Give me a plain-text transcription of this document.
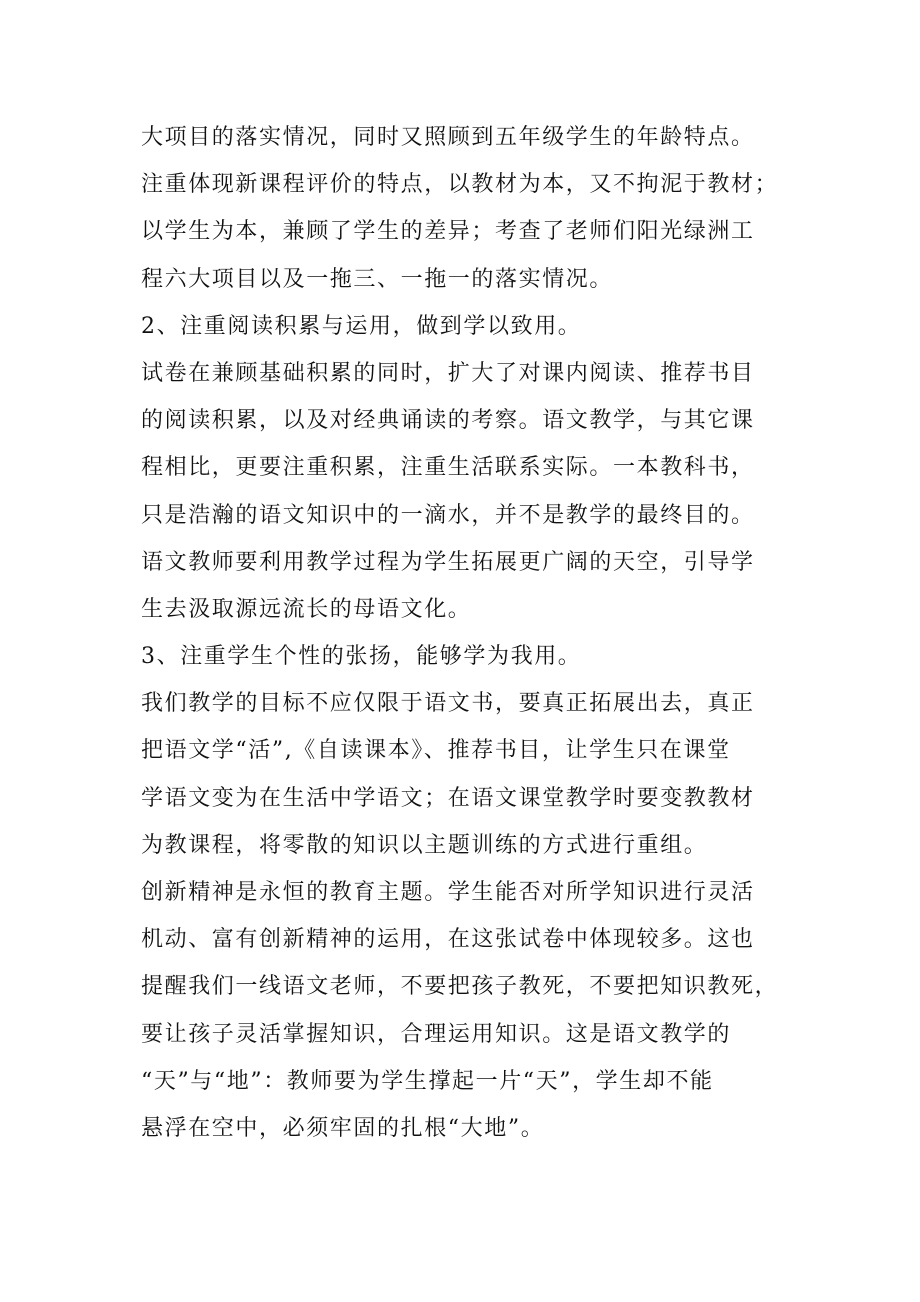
大项目的落实情况，同时又照顾到五年级学生的年龄特点。

注重体现新课程评价的特点，以教材为本，又不拘泥于教材；

以学生为本，兼顾了学生的差异；考查了老师们阳光绿洲工

程六大项目以及一拖三、一拖一的落实情况。

2、注重阅读积累与运用，做到学以致用。

试卷在兼顾基础积累的同时，扩大了对课内阅读、推荐书目

的阅读积累，以及对经典诵读的考察。语文教学，与其它课

程相比，更要注重积累，注重生活联系实际。一本教科书，

只是浩瀚的语文知识中的一滴水，并不是教学的最终目的。

语文教师要利用教学过程为学生拓展更广阔的天空，引导学

生去汲取源远流长的母语文化。

3、注重学生个性的张扬，能够学为我用。

我们教学的目标不应仅限于语文书，要真正拓展出去，真正

把语文学“活”,《自读课本》、推荐书目，让学生只在课堂

学语文变为在生活中学语文；在语文课堂教学时要变教教材

为教课程，将零散的知识以主题训练的方式进行重组。

创新精神是永恒的教育主题。学生能否对所学知识进行灵活

机动、富有创新精神的运用，在这张试卷中体现较多。这也

提醒我们一线语文老师，不要把孩子教死，不要把知识教死，

要让孩子灵活掌握知识，合理运用知识。这是语文教学的

“天”与“地”：教师要为学生撑起一片“天”，学生却不能

悬浮在空中，必须牢固的扎根“大地”。
